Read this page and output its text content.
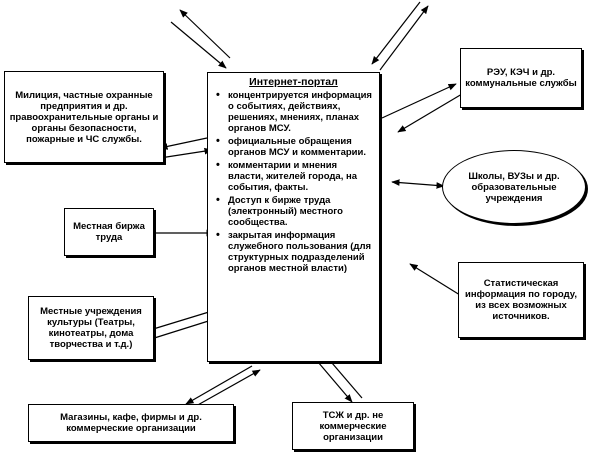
Интернет-портал
• концентрируется информация о событиях, действиях, решениях, мнениях, планах органов МСУ.
• официальные обращения органов МСУ и комментарии.
• комментарии и мнения власти, жителей города, на события, факты.
• Доступ к бирже труда (электронный) местного сообщества.
• закрытая информация служебного пользования (для структурных подразделений органов местной власти)
Милиция, частные охранные предприятия и др. правоохранительные органы и органы безопасности, пожарные и ЧС службы.
РЭУ, КЭЧ и др. коммунальные службы
Школы, ВУЗы и др. образовательные учреждения
Местная биржа труда
Местные учреждения культуры (Театры, кинотеатры, дома творчества и т.д.)
Статистическая информация по городу, из всех возможных источников.
Магазины, кафе, фирмы и др. коммерческие организации
ТСЖ и др. не коммерческие организации
